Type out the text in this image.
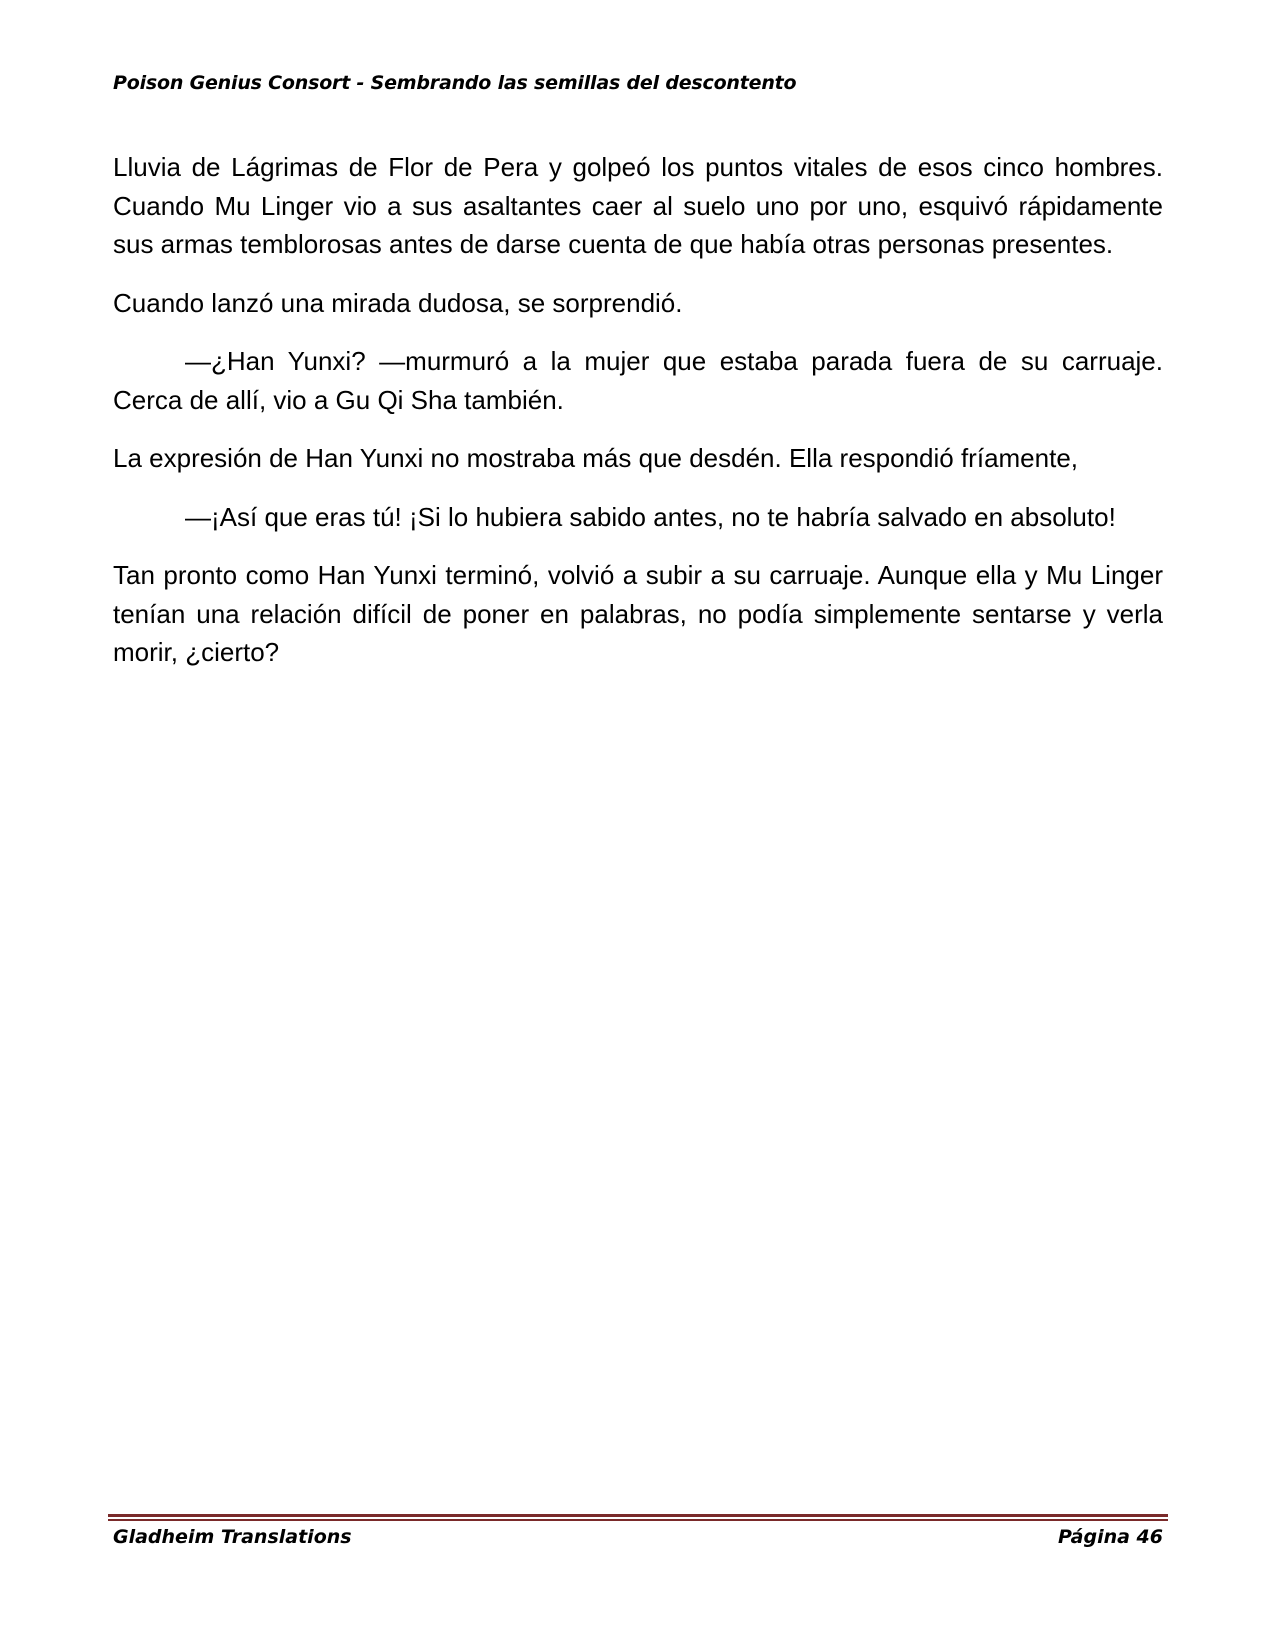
Poison Genius Consort - Sembrando las semillas del descontento

Lluvia de Lágrimas de Flor de Pera y golpeó los puntos vitales de esos cinco hombres. Cuando Mu Linger vio a sus asaltantes caer al suelo uno por uno, esquivó rápidamente sus armas temblorosas antes de darse cuenta de que había otras personas presentes.

Cuando lanzó una mirada dudosa, se sorprendió.

—¿Han Yunxi? —murmuró a la mujer que estaba parada fuera de su carruaje. Cerca de allí, vio a Gu Qi Sha también.

La expresión de Han Yunxi no mostraba más que desdén. Ella respondió fríamente,

—¡Así que eras tú! ¡Si lo hubiera sabido antes, no te habría salvado en absoluto!

Tan pronto como Han Yunxi terminó, volvió a subir a su carruaje. Aunque ella y Mu Linger tenían una relación difícil de poner en palabras, no podía simplemente sentarse y verla morir, ¿cierto?

Gladheim Translations	Página 46
